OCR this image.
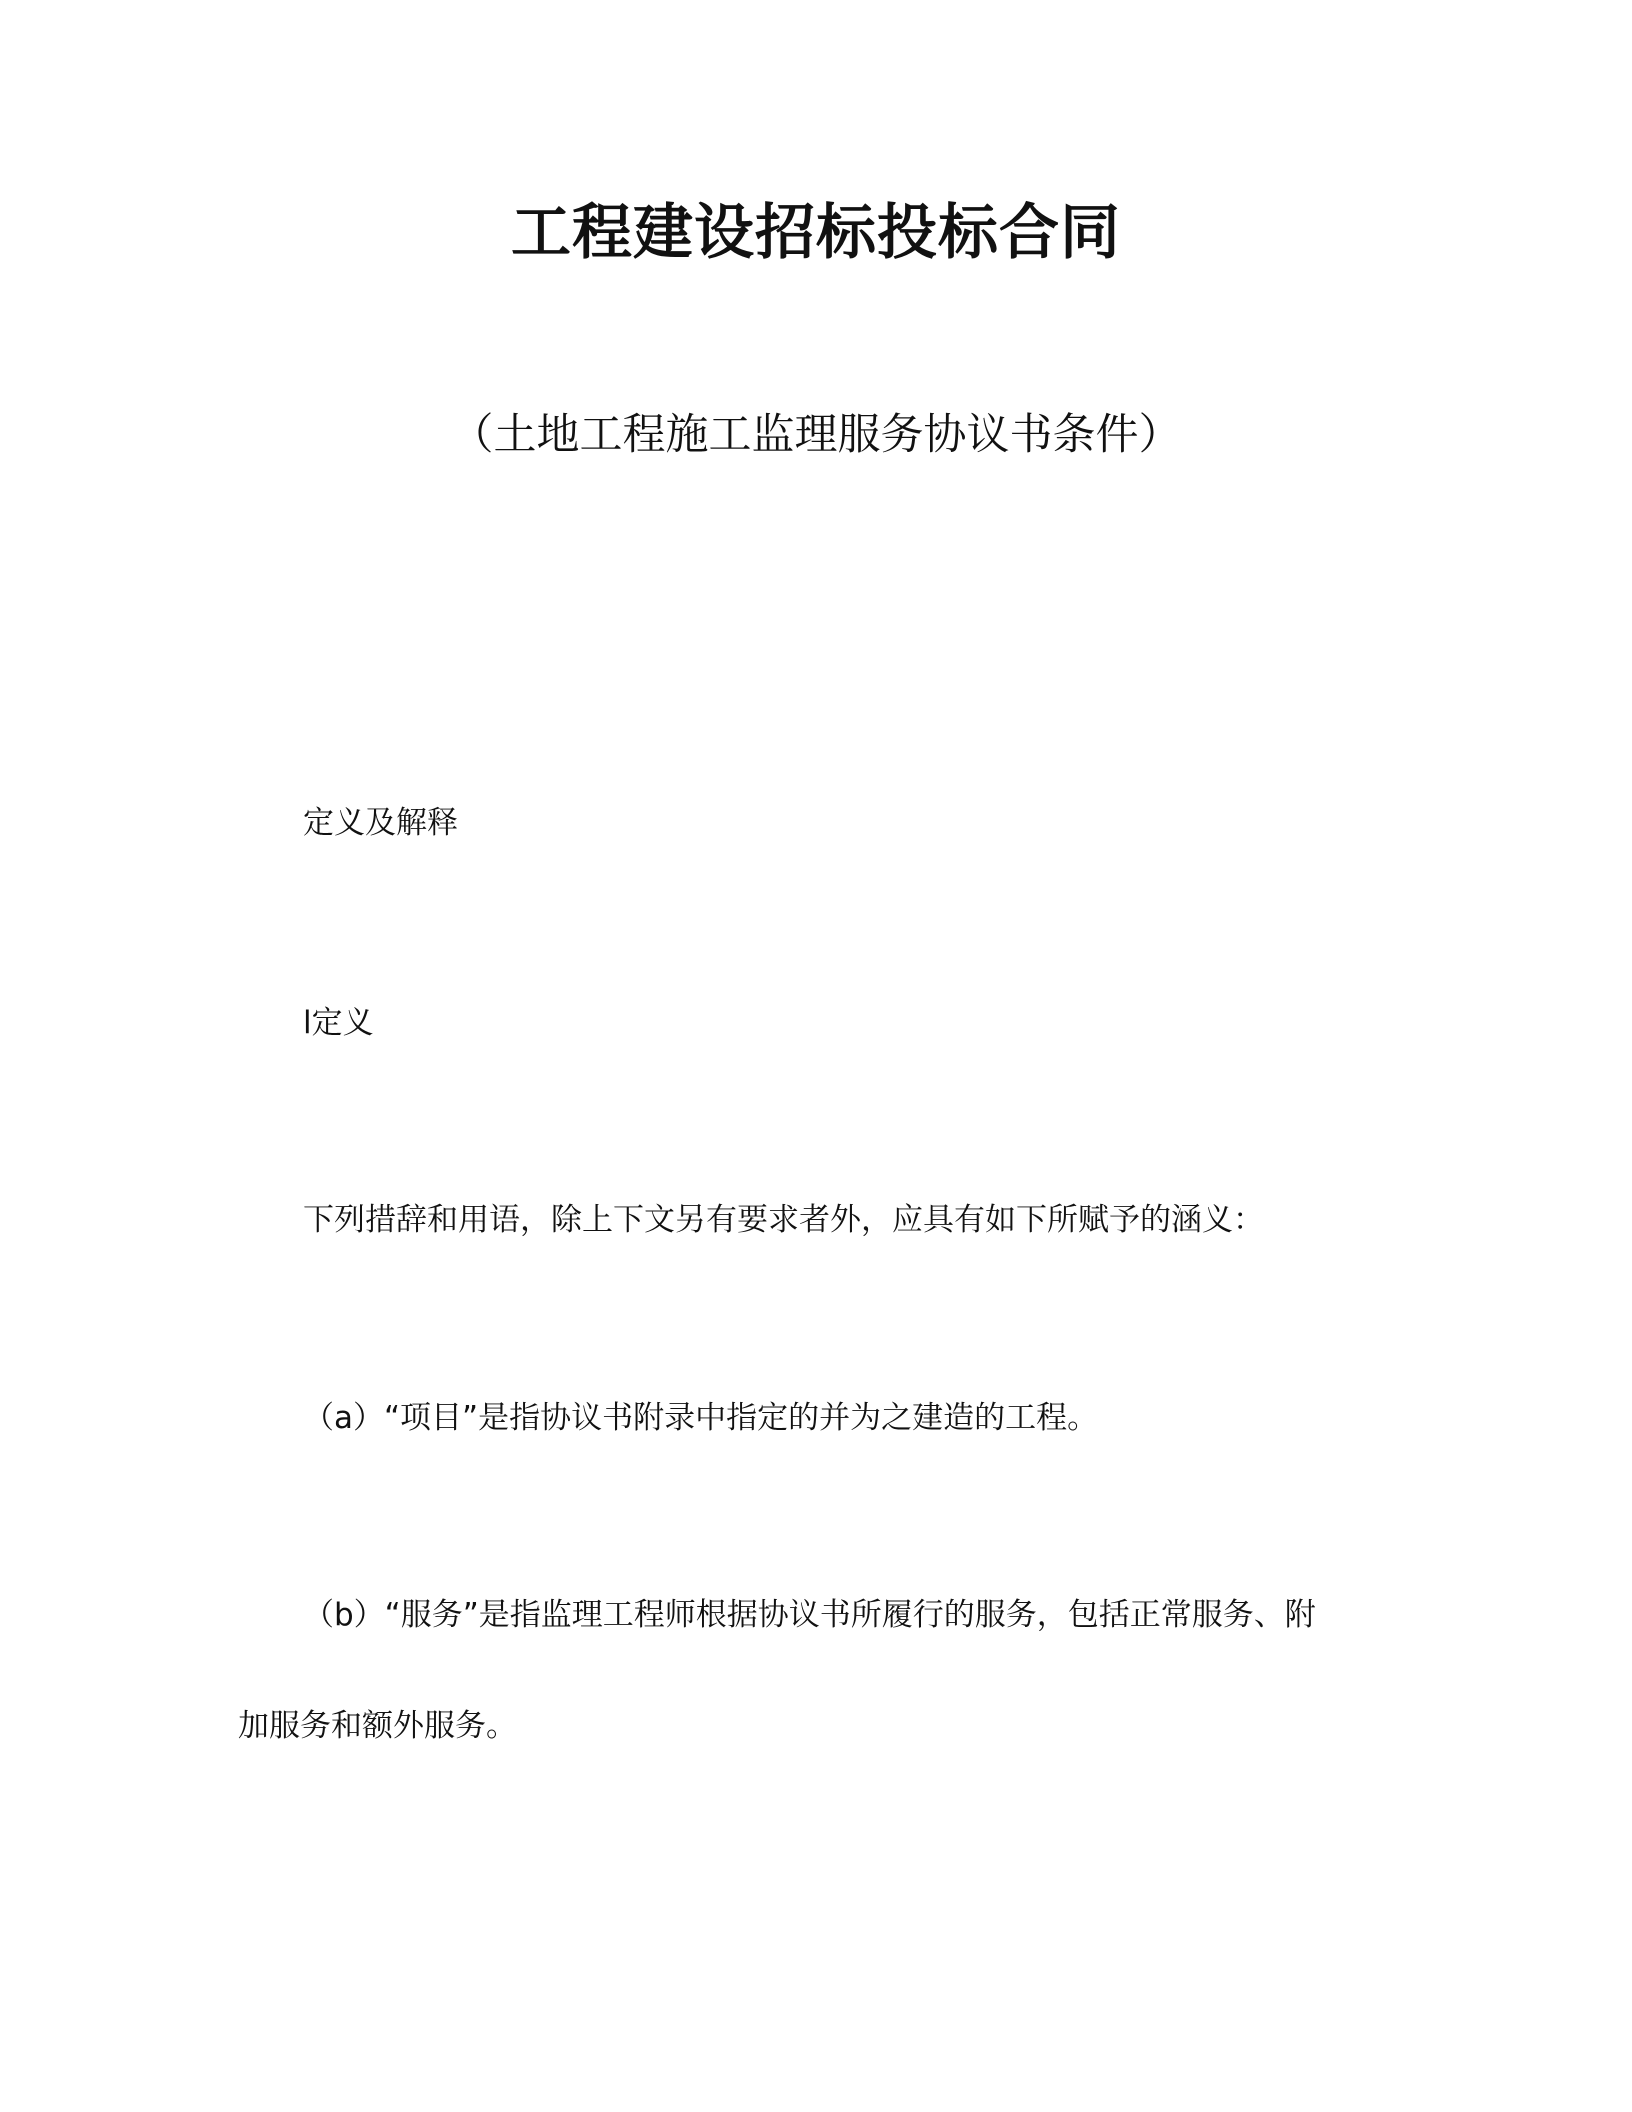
工程建设招标投标合同
（土地工程施工监理服务协议书条件）
定义及解释
l定义
下列措辞和用语，除上下文另有要求者外，应具有如下所赋予的涵义：
（a）“项目”是指协议书附录中指定的并为之建造的工程。
（b）“服务”是指监理工程师根据协议书所履行的服务，包括正常服务、附
加服务和额外服务。
